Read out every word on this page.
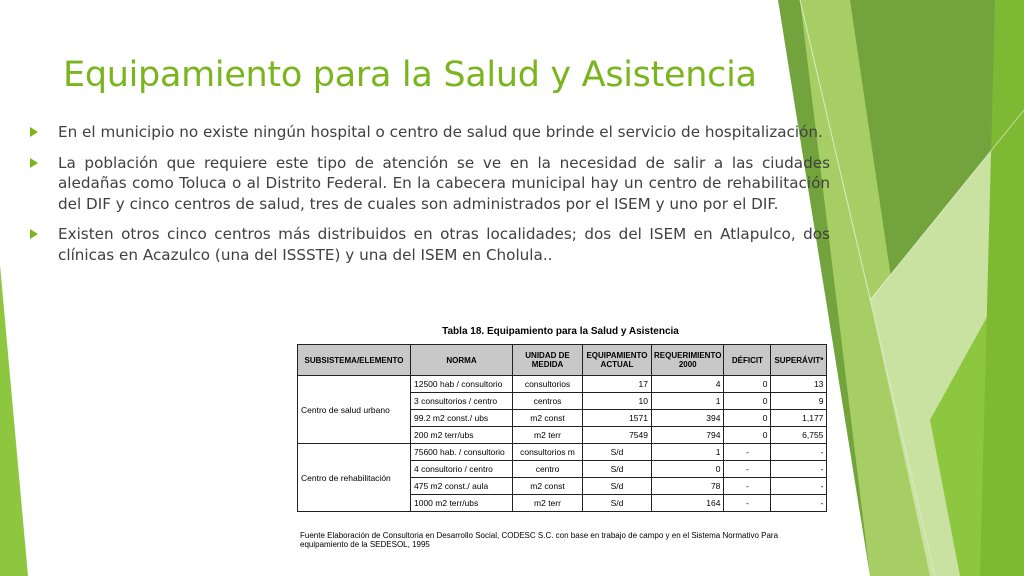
Equipamiento para la Salud y Asistencia
En el municipio no existe ningún hospital o centro de salud que brinde el servicio de hospitalización.
La población que requiere este tipo de atención se ve en la necesidad de salir a las ciudades aledañas como Toluca o al Distrito Federal. En la cabecera municipal hay un centro de rehabilitación del DIF y cinco centros de salud, tres de cuales son administrados por el ISEM y uno por el DIF.
Existen otros cinco centros más distribuidos en otras localidades; dos del ISEM en Atlapulco, dos clínicas en Acazulco (una del ISSSTE) y una del ISEM en Cholula..
Tabla 18. Equipamiento para la Salud y Asistencia
SUBSISTEMA/ELEMENTO	NORMA	UNIDAD DE MEDIDA	EQUIPAMIENTO ACTUAL	REQUERIMIENTO 2000	DÉFICIT	SUPERÁVIT*
Centro de salud urbano	12500 hab / consultorio	consultorios	17	4	0	13
	3 consultorios / centro	centros	10	1	0	9
	99.2 m2 const./ ubs	m2 const	1571	394	0	1,177
	200 m2 terr/ubs	m2 terr	7549	794	0	6,755
Centro de rehabilitación	75600 hab. / consultorio	consultorios m	S/d	1	-	-
	4 consultorio / centro	centro	S/d	0	-	-
	475 m2 const./ aula	m2 const	S/d	78	-	-
	1000 m2 terr/ubs	m2 terr	S/d	164	-	-
Fuente Elaboración de Consultoria en Desarrollo Social, CODESC S.C. con base en trabajo de campo y en el Sistema Normativo Para equipamiento de la SEDESOL, 1995
